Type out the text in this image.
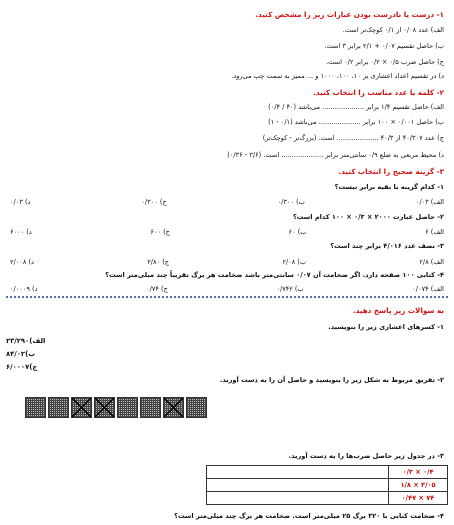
۱- درست یا نادرست بودن عبارات زیر را مشخص کنید.
الف) عدد ۰/۰۸ از ۰/۱ کوچک‌تر است.
ب) حاصل تقسیم ۰/۰۷ + ۲/۱ برابر ۳ است.
ج) حاصل ضرب ۰/۵ × ۰/۲ برابر ۰/۲ است.
د) در تقسیم اعداد اعشاری بر ۱۰، ۱۰۰، ۱۰۰۰ و ... ممیز به سمت چپ می‌رود.
۲- کلمه یا عدد مناسب را انتخاب کنید.
الف) حاصل تقسیم ۱/۴ برابر .................... می‌باشد (۴۰ / ۰/۴)
ب) حاصل ۰/۰۰۱ × ۱۰۰ برابر .................... می‌باشد (۰/۱ - ۱)
ج) عدد ۴۰/۳۰۷ از ۴۰/۳ .................... است. (بزرگ‌تر - کوچک‌تر)
د) محیط مربعی به ضلع ۰/۹ سانتی‌متر برابر .................... است. (۳/۶ - ۰/۳۶)
۳- گزینه صحیح را انتخاب کنید.
۱- کدام گزینه با بقیه برابر نیست؟
الف) ۰/۰۳
ب) ۰/۳۰۰
ج) ۰/۳۰۰
د) ۰/۰۳
۲- حاصل عبارت ۲۰۰۰ × ۰/۳ × ۱۰۰ کدام است؟
الف) ۶
ب) ۶۰
ج) ۶۰۰
د) ۶۰۰۰
۳- نصف عدد ۴/۰۱۶ برابر چند است؟
الف) ۲/۸
ب) ۲/۰۸
ج) ۲/۸۰
د) ۲/۰۰۸
۴- کتابی ۱۰۰ صفحه دارد. اگر ضخامت آن ۰/۰۷ سانتی‌متر باشد ضخامت هر برگ تقریباً چند میلی‌متر است؟
الف) ۰/۰۷۴
ب) ۰/۷۴۲
ج) ۰/۷۴
د) ۰/۰۰۰۹
به سوالات زیر پاسخ دهید.
۱- کسرهای اعشاری زیر را بنویسید.
۲۳/۲۹۰(الف
۸۴/۰۲(ب
۶/۰۰۰۷(ج
۲- تفریق مربوط به شکل زیر را بنویسید و حاصل آن را به دست آورید.
۳- در جدول زیر حاصل ضرب‌ها را به دست آورید.
	۰/۴ × ۰/۳
	۳/۰۵ × ۱/۸
	۷۴ × ۰/۴۷
۴- ضخامت کتابی با ۳۲۰ برگ ۲۵ میلی‌متر است. ضخامت هر برگ چند میلی‌متر است؟
